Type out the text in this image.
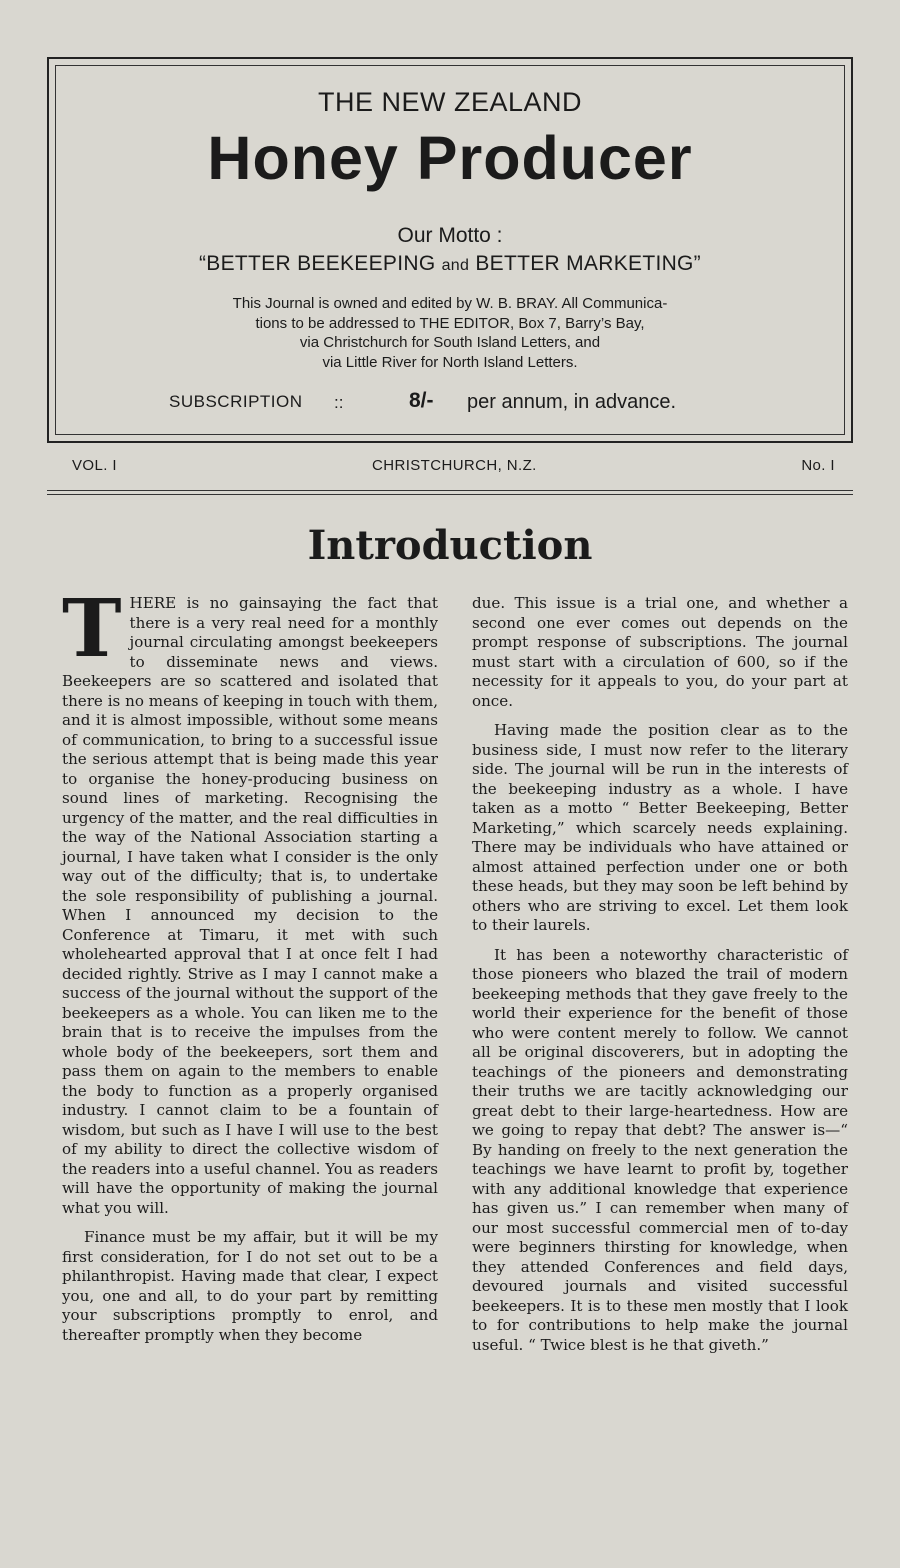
THE NEW ZEALAND
Honey Producer
Our Motto :
“BETTER BEEKEEPING and BETTER MARKETING”
This Journal is owned and edited by W. B. BRAY. All Communica-
tions to be addressed to THE EDITOR, Box 7, Barry’s Bay,
via Christchurch for South Island Letters, and
via Little River for North Island Letters.
SUBSCRIPTION ::	8/- per annum, in advance.
VOL. I	CHRISTCHURCH, N.Z.	No. I
Introduction

THERE is no gainsaying the fact that there is a very real need for a monthly journal circulating amongst beekeepers to disseminate news and views. Beekeepers are so scattered and isolated that there is no means of keeping in touch with them, and it is almost impossible, without some means of communication, to bring to a successful issue the serious attempt that is being made this year to organise the honey-producing business on sound lines of marketing. Recognising the urgency of the matter, and the real difficulties in the way of the National Association starting a journal, I have taken what I consider is the only way out of the difficulty; that is, to undertake the sole responsibility of publishing a journal. When I announced my decision to the Conference at Timaru, it met with such wholehearted approval that I at once felt I had decided rightly. Strive as I may I cannot make a success of the journal without the support of the beekeepers as a whole. You can liken me to the brain that is to receive the impulses from the whole body of the beekeepers, sort them and pass them on again to the members to enable the body to function as a properly organised industry. I cannot claim to be a fountain of wisdom, but such as I have I will use to the best of my ability to direct the collective wisdom of the readers into a useful channel. You as readers will have the opportunity of making the journal what you will.

Finance must be my affair, but it will be my first consideration, for I do not set out to be a philanthropist. Having made that clear, I expect you, one and all, to do your part by remitting your subscriptions promptly to enrol, and thereafter promptly when they become

due. This issue is a trial one, and whether a second one ever comes out depends on the prompt response of subscriptions. The journal must start with a circulation of 600, so if the necessity for it appeals to you, do your part at once.

Having made the position clear as to the business side, I must now refer to the literary side. The journal will be run in the interests of the beekeeping industry as a whole. I have taken as a motto “ Better Beekeeping, Better Marketing,” which scarcely needs explaining. There may be individuals who have attained or almost attained perfection under one or both these heads, but they may soon be left behind by others who are striving to excel. Let them look to their laurels.

It has been a noteworthy characteristic of those pioneers who blazed the trail of modern beekeeping methods that they gave freely to the world their experience for the benefit of those who were content merely to follow. We cannot all be original discoverers, but in adopting the teachings of the pioneers and demonstrating their truths we are tacitly acknowledging our great debt to their large-heartedness. How are we going to repay that debt? The answer is—“ By handing on freely to the next generation the teachings we have learnt to profit by, together with any additional knowledge that experience has given us.” I can remember when many of our most successful commercial men of to-day were beginners thirsting for knowledge, when they attended Conferences and field days, devoured journals and visited successful beekeepers. It is to these men mostly that I look to for contributions to help make the journal useful. “ Twice blest is he that giveth.”
